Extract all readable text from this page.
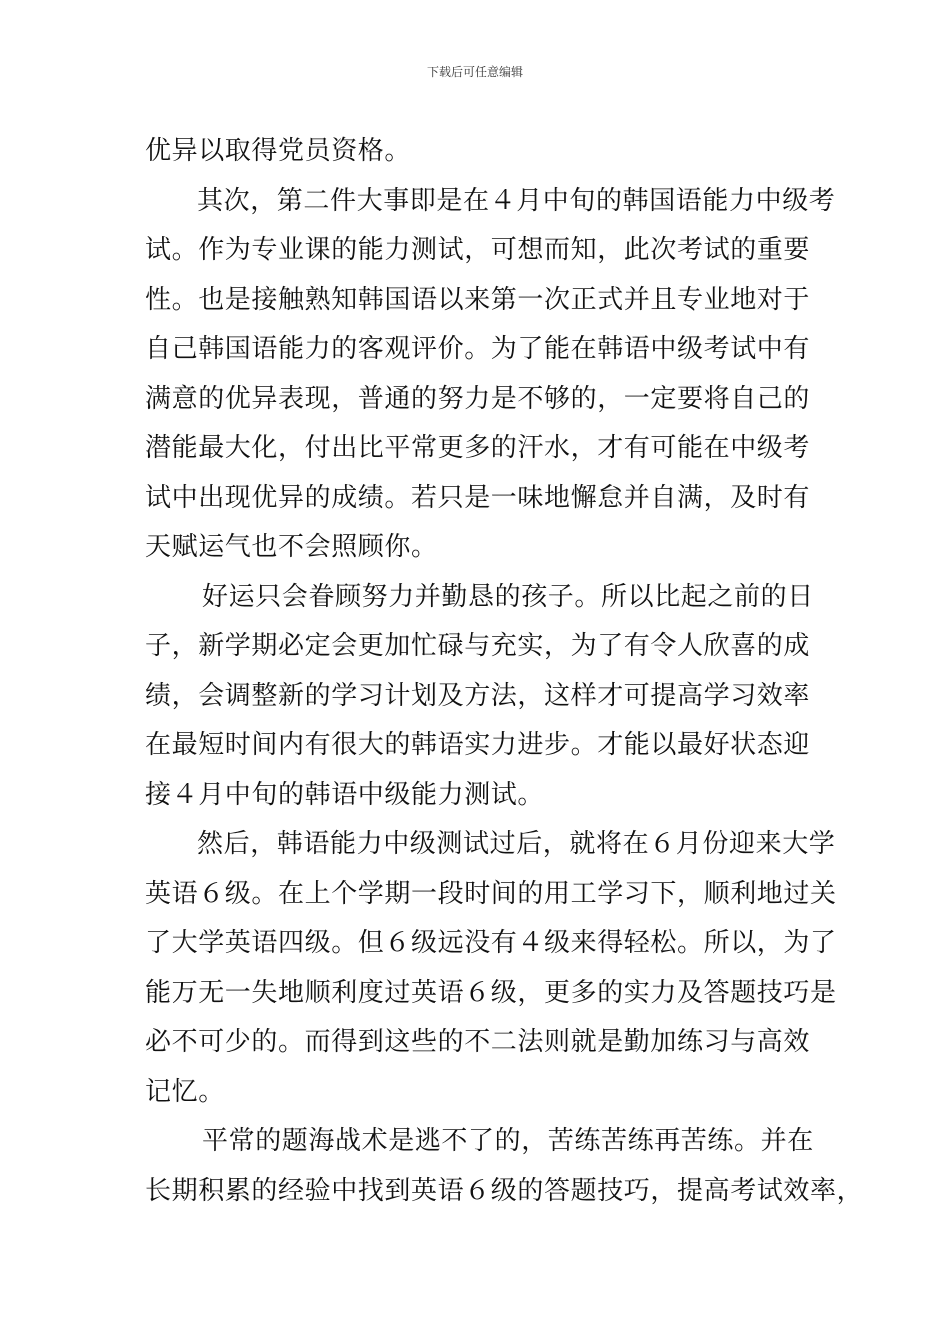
下载后可任意编辑
优异以取得党员资格。
其次，第二件大事即是在４月中旬的韩国语能力中级考
试。作为专业课的能力测试，可想而知，此次考试的重要
性。也是接触熟知韩国语以来第一次正式并且专业地对于
自己韩国语能力的客观评价。为了能在韩语中级考试中有
满意的优异表现，普通的努力是不够的，一定要将自己的
潜能最大化，付出比平常更多的汗水，才有可能在中级考
试中出现优异的成绩。若只是一味地懈怠并自满，及时有
天赋运气也不会照顾你。
好运只会眷顾努力并勤恳的孩子。所以比起之前的日
子，新学期必定会更加忙碌与充实，为了有令人欣喜的成
绩，会调整新的学习计划及方法，这样才可提高学习效率
在最短时间内有很大的韩语实力进步。才能以最好状态迎
接４月中旬的韩语中级能力测试。
然后，韩语能力中级测试过后，就将在６月份迎来大学
英语６级。在上个学期一段时间的用工学习下，顺利地过关
了大学英语四级。但６级远没有４级来得轻松。所以，为了
能万无一失地顺利度过英语６级，更多的实力及答题技巧是
必不可少的。而得到这些的不二法则就是勤加练习与高效
记忆。
平常的题海战术是逃不了的，苦练苦练再苦练。并在
长期积累的经验中找到英语６级的答题技巧，提高考试效率，
